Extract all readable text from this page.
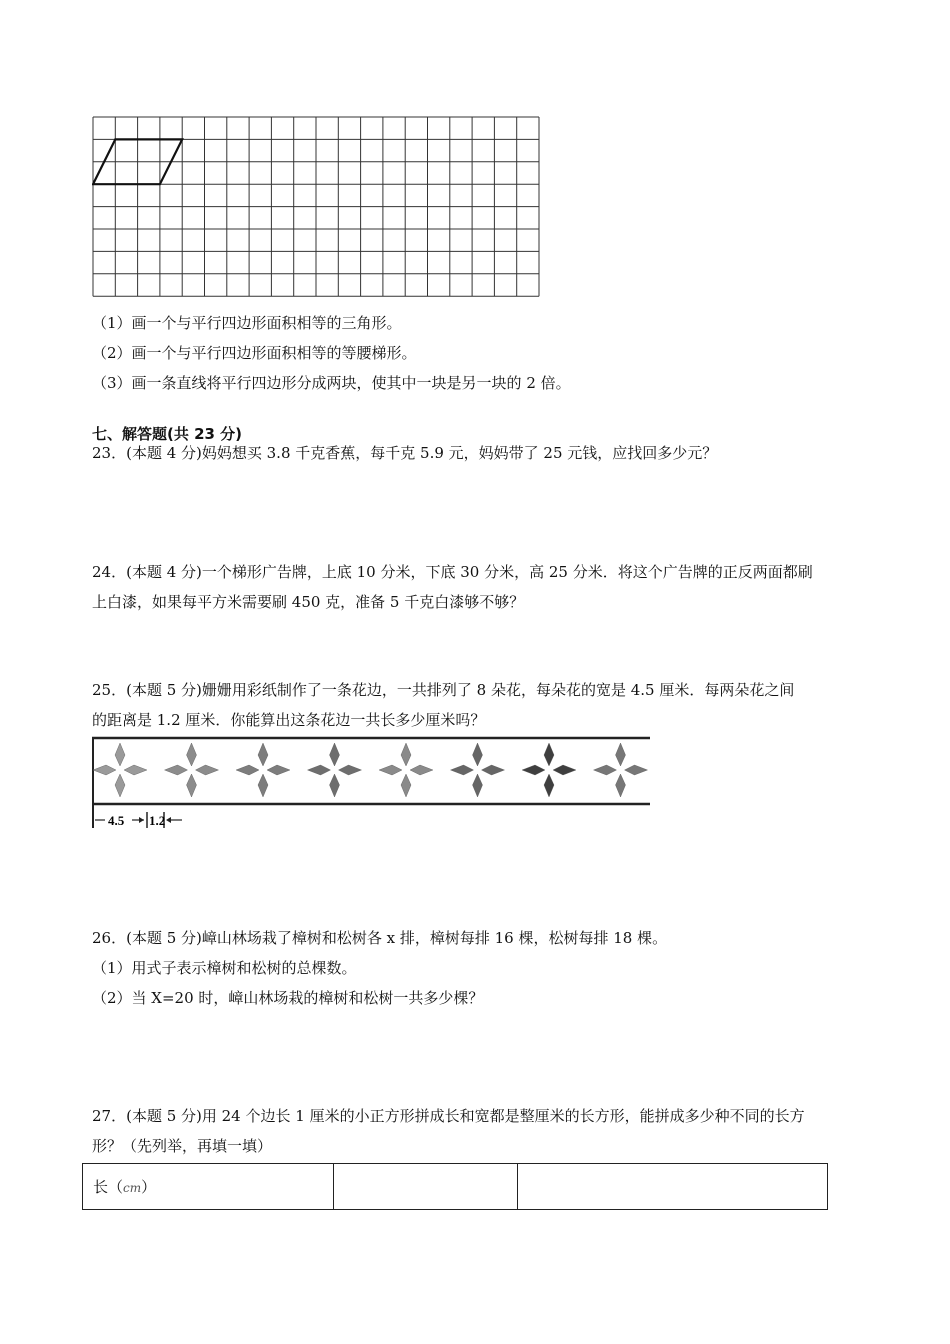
（1）画一个与平行四边形面积相等的三角形。
（2）画一个与平行四边形面积相等的等腰梯形。
（3）画一条直线将平行四边形分成两块，使其中一块是另一块的 2 倍。
七、解答题(共 23 分)
23．(本题 4 分)妈妈想买 3.8 千克香蕉，每千克 5.9 元，妈妈带了 25 元钱，应找回多少元？
24．(本题 4 分)一个梯形广告牌，上底 10 分米，下底 30 分米，高 25 分米．将这个广告牌的正反两面都刷
上白漆，如果每平方米需要刷 450 克，准备 5 千克白漆够不够？
25．(本题 5 分)姗姗用彩纸制作了一条花边，一共排列了 8 朵花，每朵花的宽是 4.5 厘米．每两朵花之间
的距离是 1.2 厘米．你能算出这条花边一共长多少厘米吗？
4.5 1.2
26．(本题 5 分)嶂山林场栽了樟树和松树各 x 排，樟树每排 16 棵，松树每排 18 棵。
（1）用式子表示樟树和松树的总棵数。
（2）当 X=20 时，嶂山林场栽的樟树和松树一共多少棵？
27．(本题 5 分)用 24 个边长 1 厘米的小正方形拼成长和宽都是整厘米的长方形，能拼成多少种不同的长方
形？（先列举，再填一填）
长（cm）		
